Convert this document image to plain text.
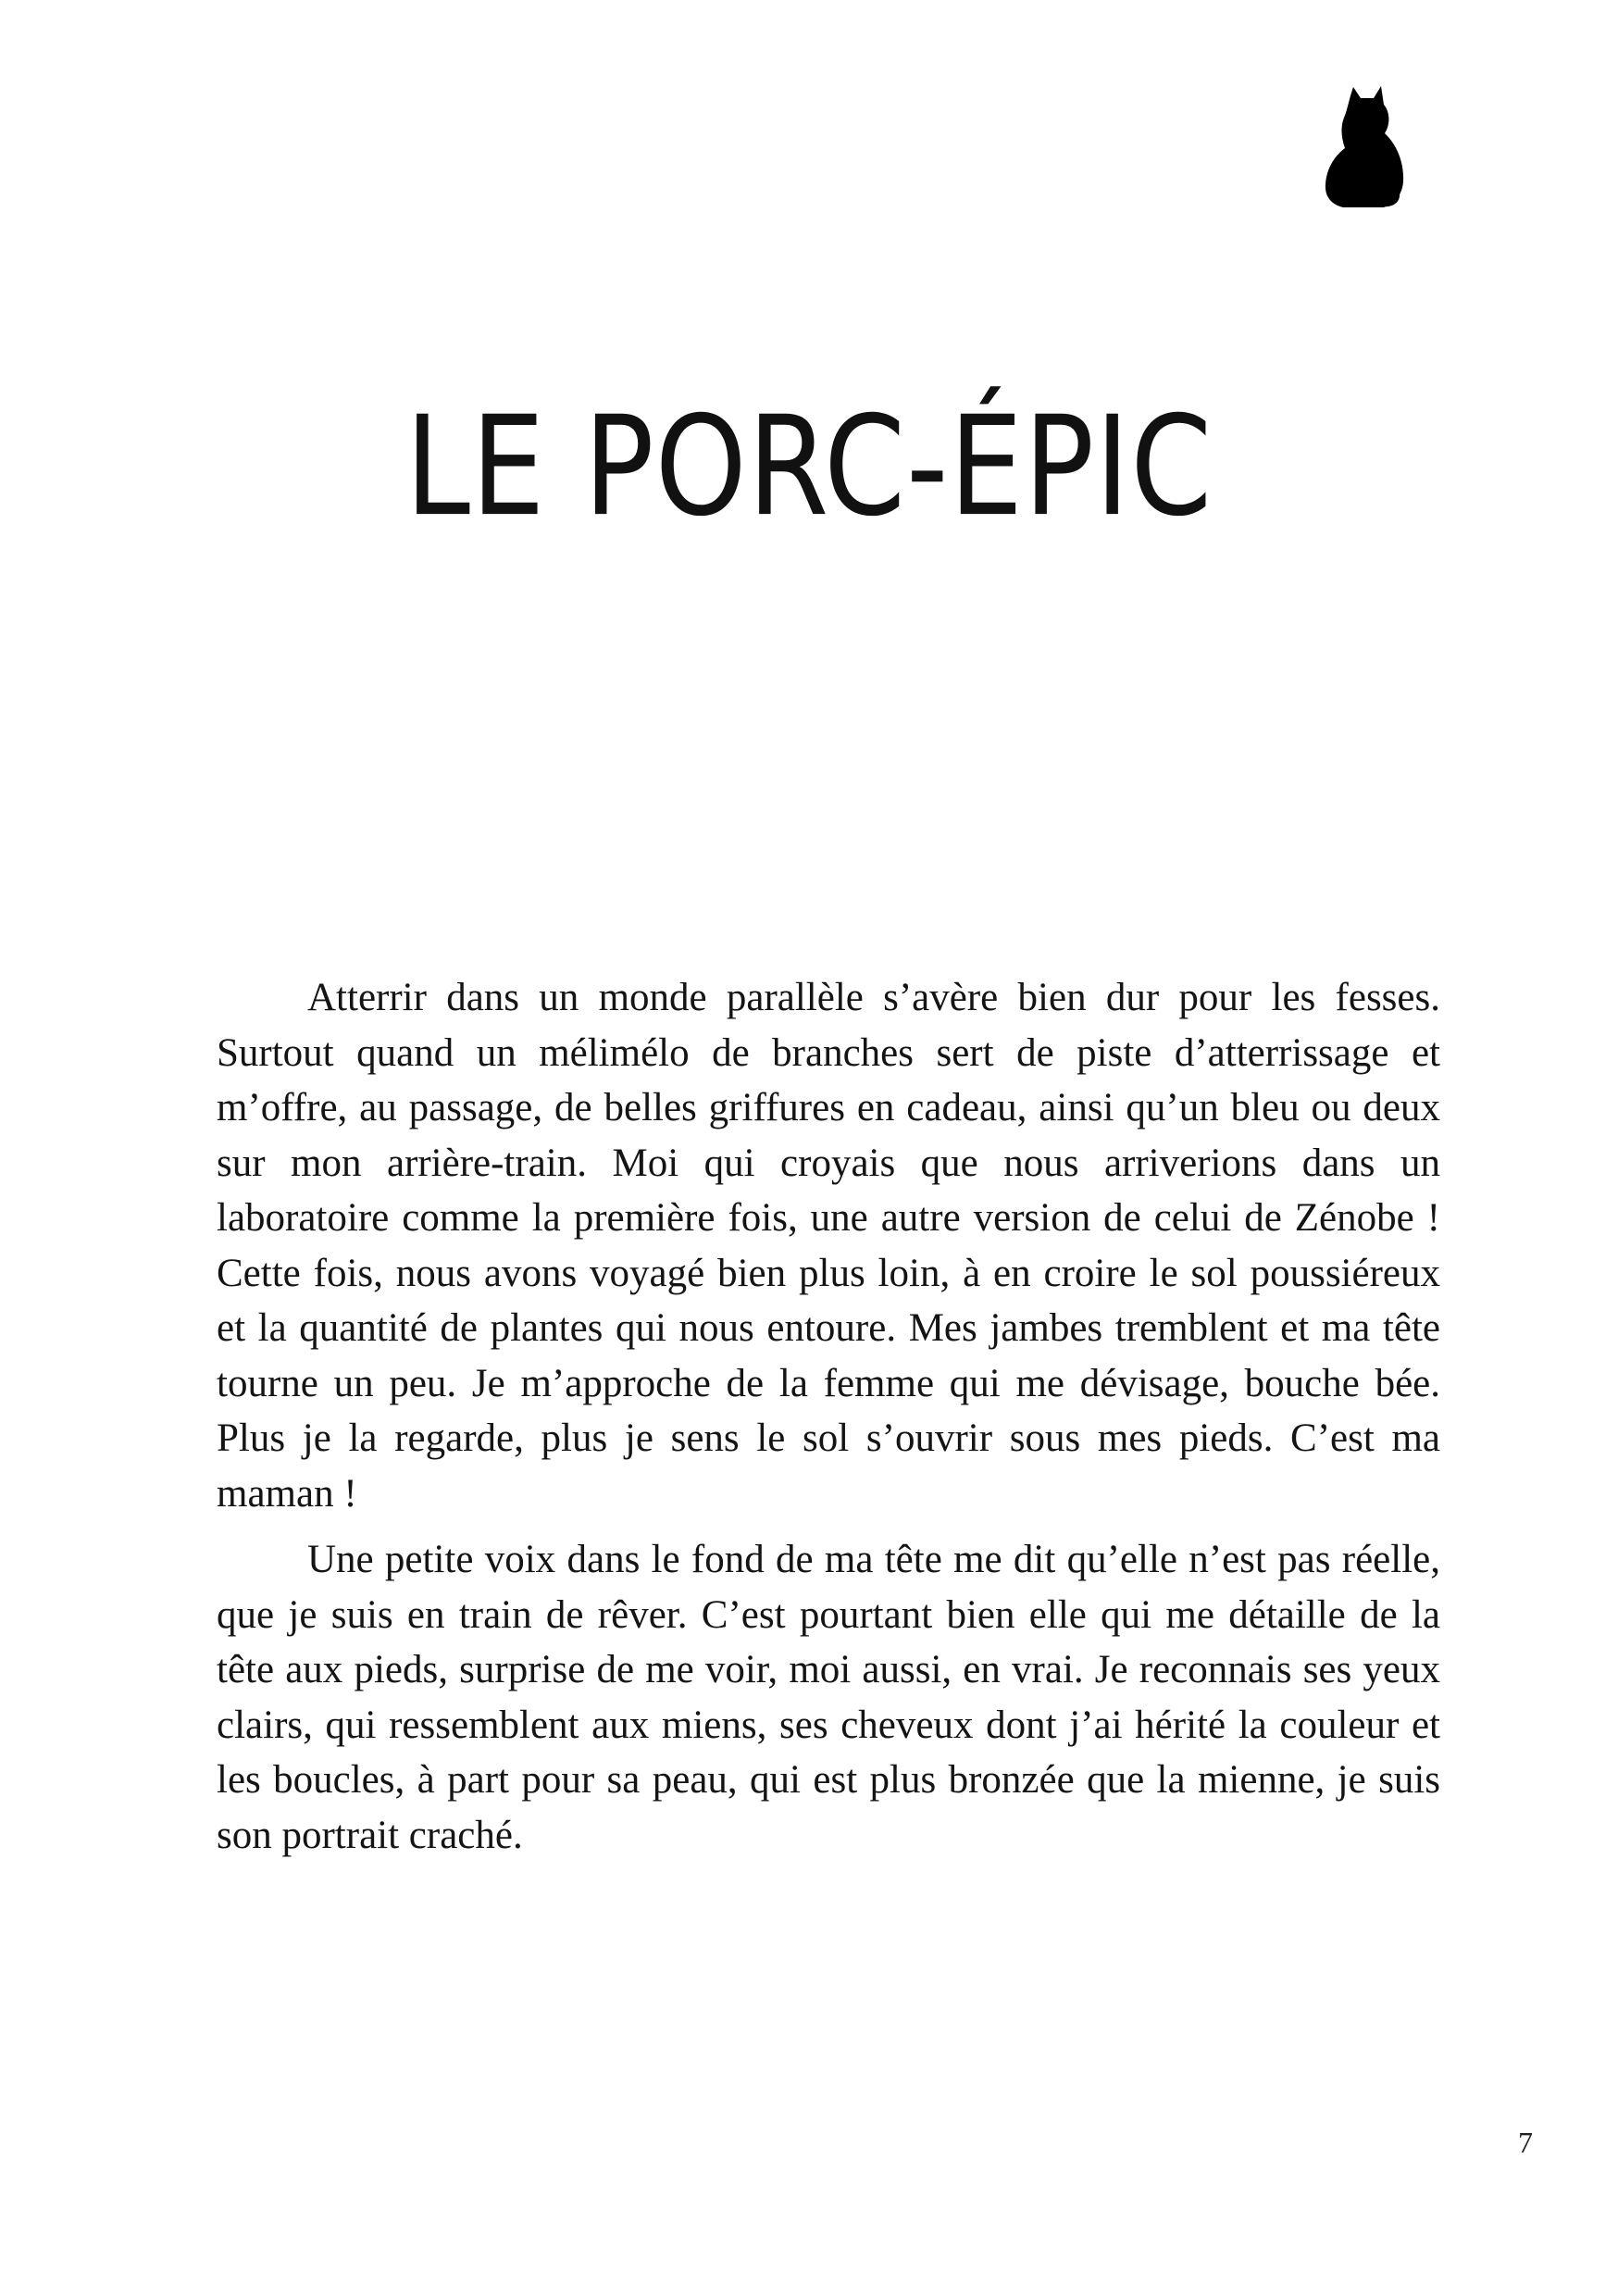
LE PORC-ÉPIC

Atterrir dans un monde parallèle s’avère bien dur pour les fesses. Surtout quand un mélimélo de branches sert de piste d’atterrissage et m’offre, au passage, de belles griffures en cadeau, ainsi qu’un bleu ou deux sur mon arrière-train. Moi qui croyais que nous arriverions dans un laboratoire comme la première fois, une autre version de celui de Zénobe ! Cette fois, nous avons voyagé bien plus loin, à en croire le sol poussiéreux et la quantité de plantes qui nous entoure. Mes jambes tremblent et ma tête tourne un peu. Je m’approche de la femme qui me dévisage, bouche bée. Plus je la regarde, plus je sens le sol s’ouvrir sous mes pieds. C’est ma maman !

Une petite voix dans le fond de ma tête me dit qu’elle n’est pas réelle, que je suis en train de rêver. C’est pourtant bien elle qui me détaille de la tête aux pieds, surprise de me voir, moi aussi, en vrai. Je reconnais ses yeux clairs, qui ressemblent aux miens, ses cheveux dont j’ai hérité la couleur et les boucles, à part pour sa peau, qui est plus bronzée que la mienne, je suis son portrait craché.

7
